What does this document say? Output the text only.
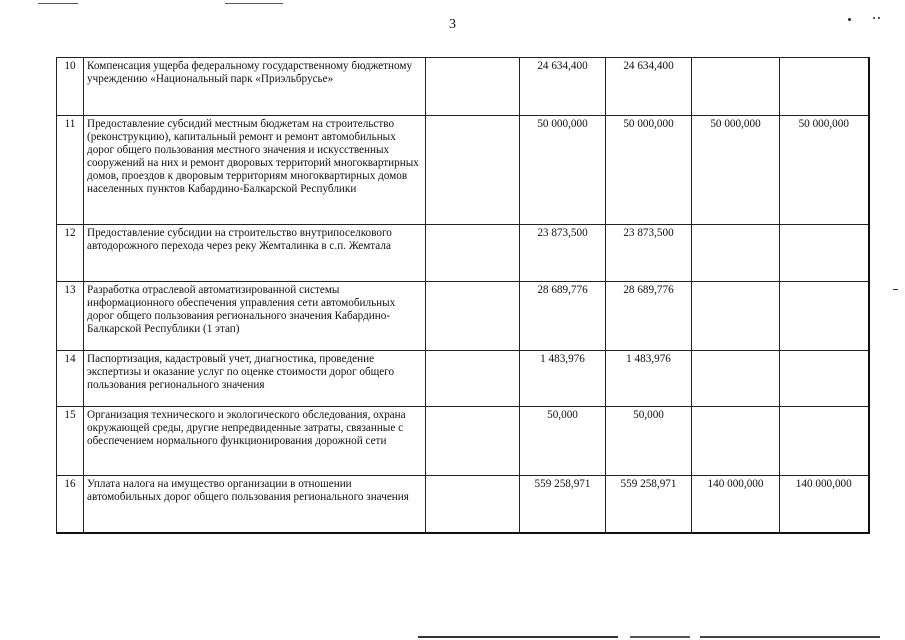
3
10	Компенсация ущерба федеральному государственному бюджетному учреждению «Национальный парк «Приэльбрусье»		24 634,400	24 634,400		
11	Предоставление субсидий местным бюджетам на строительство (реконструкцию), капитальный ремонт и ремонт автомобильных дорог общего пользования местного значения и искусственных сооружений на них и ремонт дворовых территорий многоквартирных домов, проездов к дворовым территориям многоквартирных домов населенных пунктов Кабардино-Балкарской Республики		50 000,000	50 000,000	50 000,000	50 000,000
12	Предоставление субсидии на строительство внутрипоселкового автодорожного перехода через реку Жемталинка в с.п. Жемтала		23 873,500	23 873,500		
13	Разработка отраслевой автоматизированной системы информационного обеспечения управления сети автомобильных дорог общего пользования регионального значения Кабардино-Балкарской Республики (1 этап)		28 689,776	28 689,776		
14	Паспортизация, кадастровый учет, диагностика, проведение экспертизы и оказание услуг по оценке стоимости дорог общего пользования регионального значения		1 483,976	1 483,976		
15	Организация технического и экологического обследования, охрана окружающей среды, другие непредвиденные затраты, связанные с обеспечением нормального функционирования дорожной сети		50,000	50,000		
16	Уплата налога на имущество организации в отношении автомобильных дорог общего пользования регионального значения		559 258,971	559 258,971	140 000,000	140 000,000
